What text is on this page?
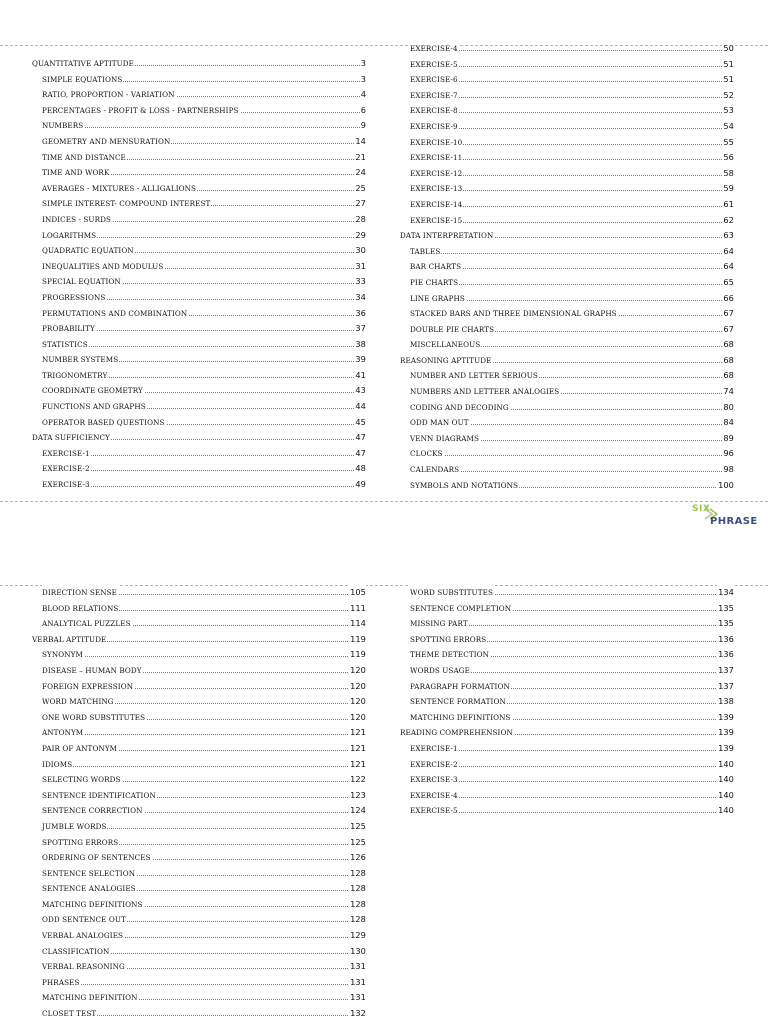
QUANTITATIVE APTITUDE	3
SIMPLE EQUATIONS	3
RATIO, PROPORTION - VARIATION	4
PERCENTAGES - PROFIT & LOSS - PARTNERSHIPS	6
NUMBERS	9
GEOMETRY AND MENSURATION	14
TIME AND DISTANCE	21
TIME AND WORK	24
AVERAGES - MIXTURES - ALLIGALIONS	25
SIMPLE INTEREST- COMPOUND INTEREST	27
INDICES - SURDS	28
LOGARITHMS	29
QUADRATIC EQUATION	30
INEQUALITIES AND MODULUS	31
SPECIAL EQUATION	33
PROGRESSIONS	34
PERMUTATIONS AND COMBINATION	36
PROBABILITY	37
STATISTICS	38
NUMBER SYSTEMS	39
TRIGONOMETRY	41
COORDINATE GEOMETRY	43
FUNCTIONS AND GRAPHS	44
OPERATOR BASED QUESTIONS	45
DATA SUFFICIENCY	47
EXERCISE-1	47
EXERCISE-2	48
EXERCISE-3	49
EXERCISE-4	50
EXERCISE-5	51
EXERCISE-6	51
EXERCISE-7	52
EXERCISE-8	53
EXERCISE-9	54
EXERCISE-10	55
EXERCISE-11	56
EXERCISE-12	58
EXERCISE-13	59
EXERCISE-14	61
EXERCISE-15	62
DATA INTERPRETATION	63
TABLES	64
BAR CHARTS	64
PIE CHARTS	65
LINE GRAPHS	66
STACKED BARS AND THREE DIMENSIONAL GRAPHS	67
DOUBLE PIE CHARTS	67
MISCELLANEOUS	68
REASONING APTITUDE	68
NUMBER AND LETTER SERIOUS	68
NUMBERS AND LETTEER ANALOGIES	74
CODING AND DECODING	80
ODD MAN OUT	84
VENN DIAGRAMS	89
CLOCKS	96
CALENDARS	98
SYMBOLS AND NOTATIONS	100
DIRECTION SENSE	105
BLOOD RELATIONS	111
ANALYTICAL PUZZLES	114
VERBAL APTITUDE	119
SYNONYM	119
DISEASE – HUMAN BODY	120
FOREIGN EXPRESSION	120
WORD MATCHING	120
ONE WORD SUBSTITUTES	120
ANTONYM	121
PAIR OF ANTONYM	121
IDIOMS	121
SELECTING WORDS	122
SENTENCE IDENTIFICATION	123
SENTENCE CORRECTION	124
JUMBLE WORDS	125
SPOTTING ERRORS	125
ORDERING OF SENTENCES	126
SENTENCE SELECTION	128
SENTENCE ANALOGIES	128
MATCHING DEFINITIONS	128
ODD SENTENCE OUT	128
VERBAL ANALOGIES	129
CLASSIFICATION	130
VERBAL REASONING	131
PHRASES	131
MATCHING DEFINITION	131
CLOSET TEST	132
WORD SUBSTITUTES	134
SENTENCE COMPLETION	135
MISSING PART	135
SPOTTING ERRORS	136
THEME DETECTION	136
WORDS USAGE	137
PARAGRAPH FORMATION	137
SENTENCE FORMATION	138
MATCHING DEFINITIONS	139
READING COMPREHENSION	139
EXERCISE-1	139
EXERCISE-2	140
EXERCISE-3	140
EXERCISE-4	140
EXERCISE-5	140
SIX
PHRASE
